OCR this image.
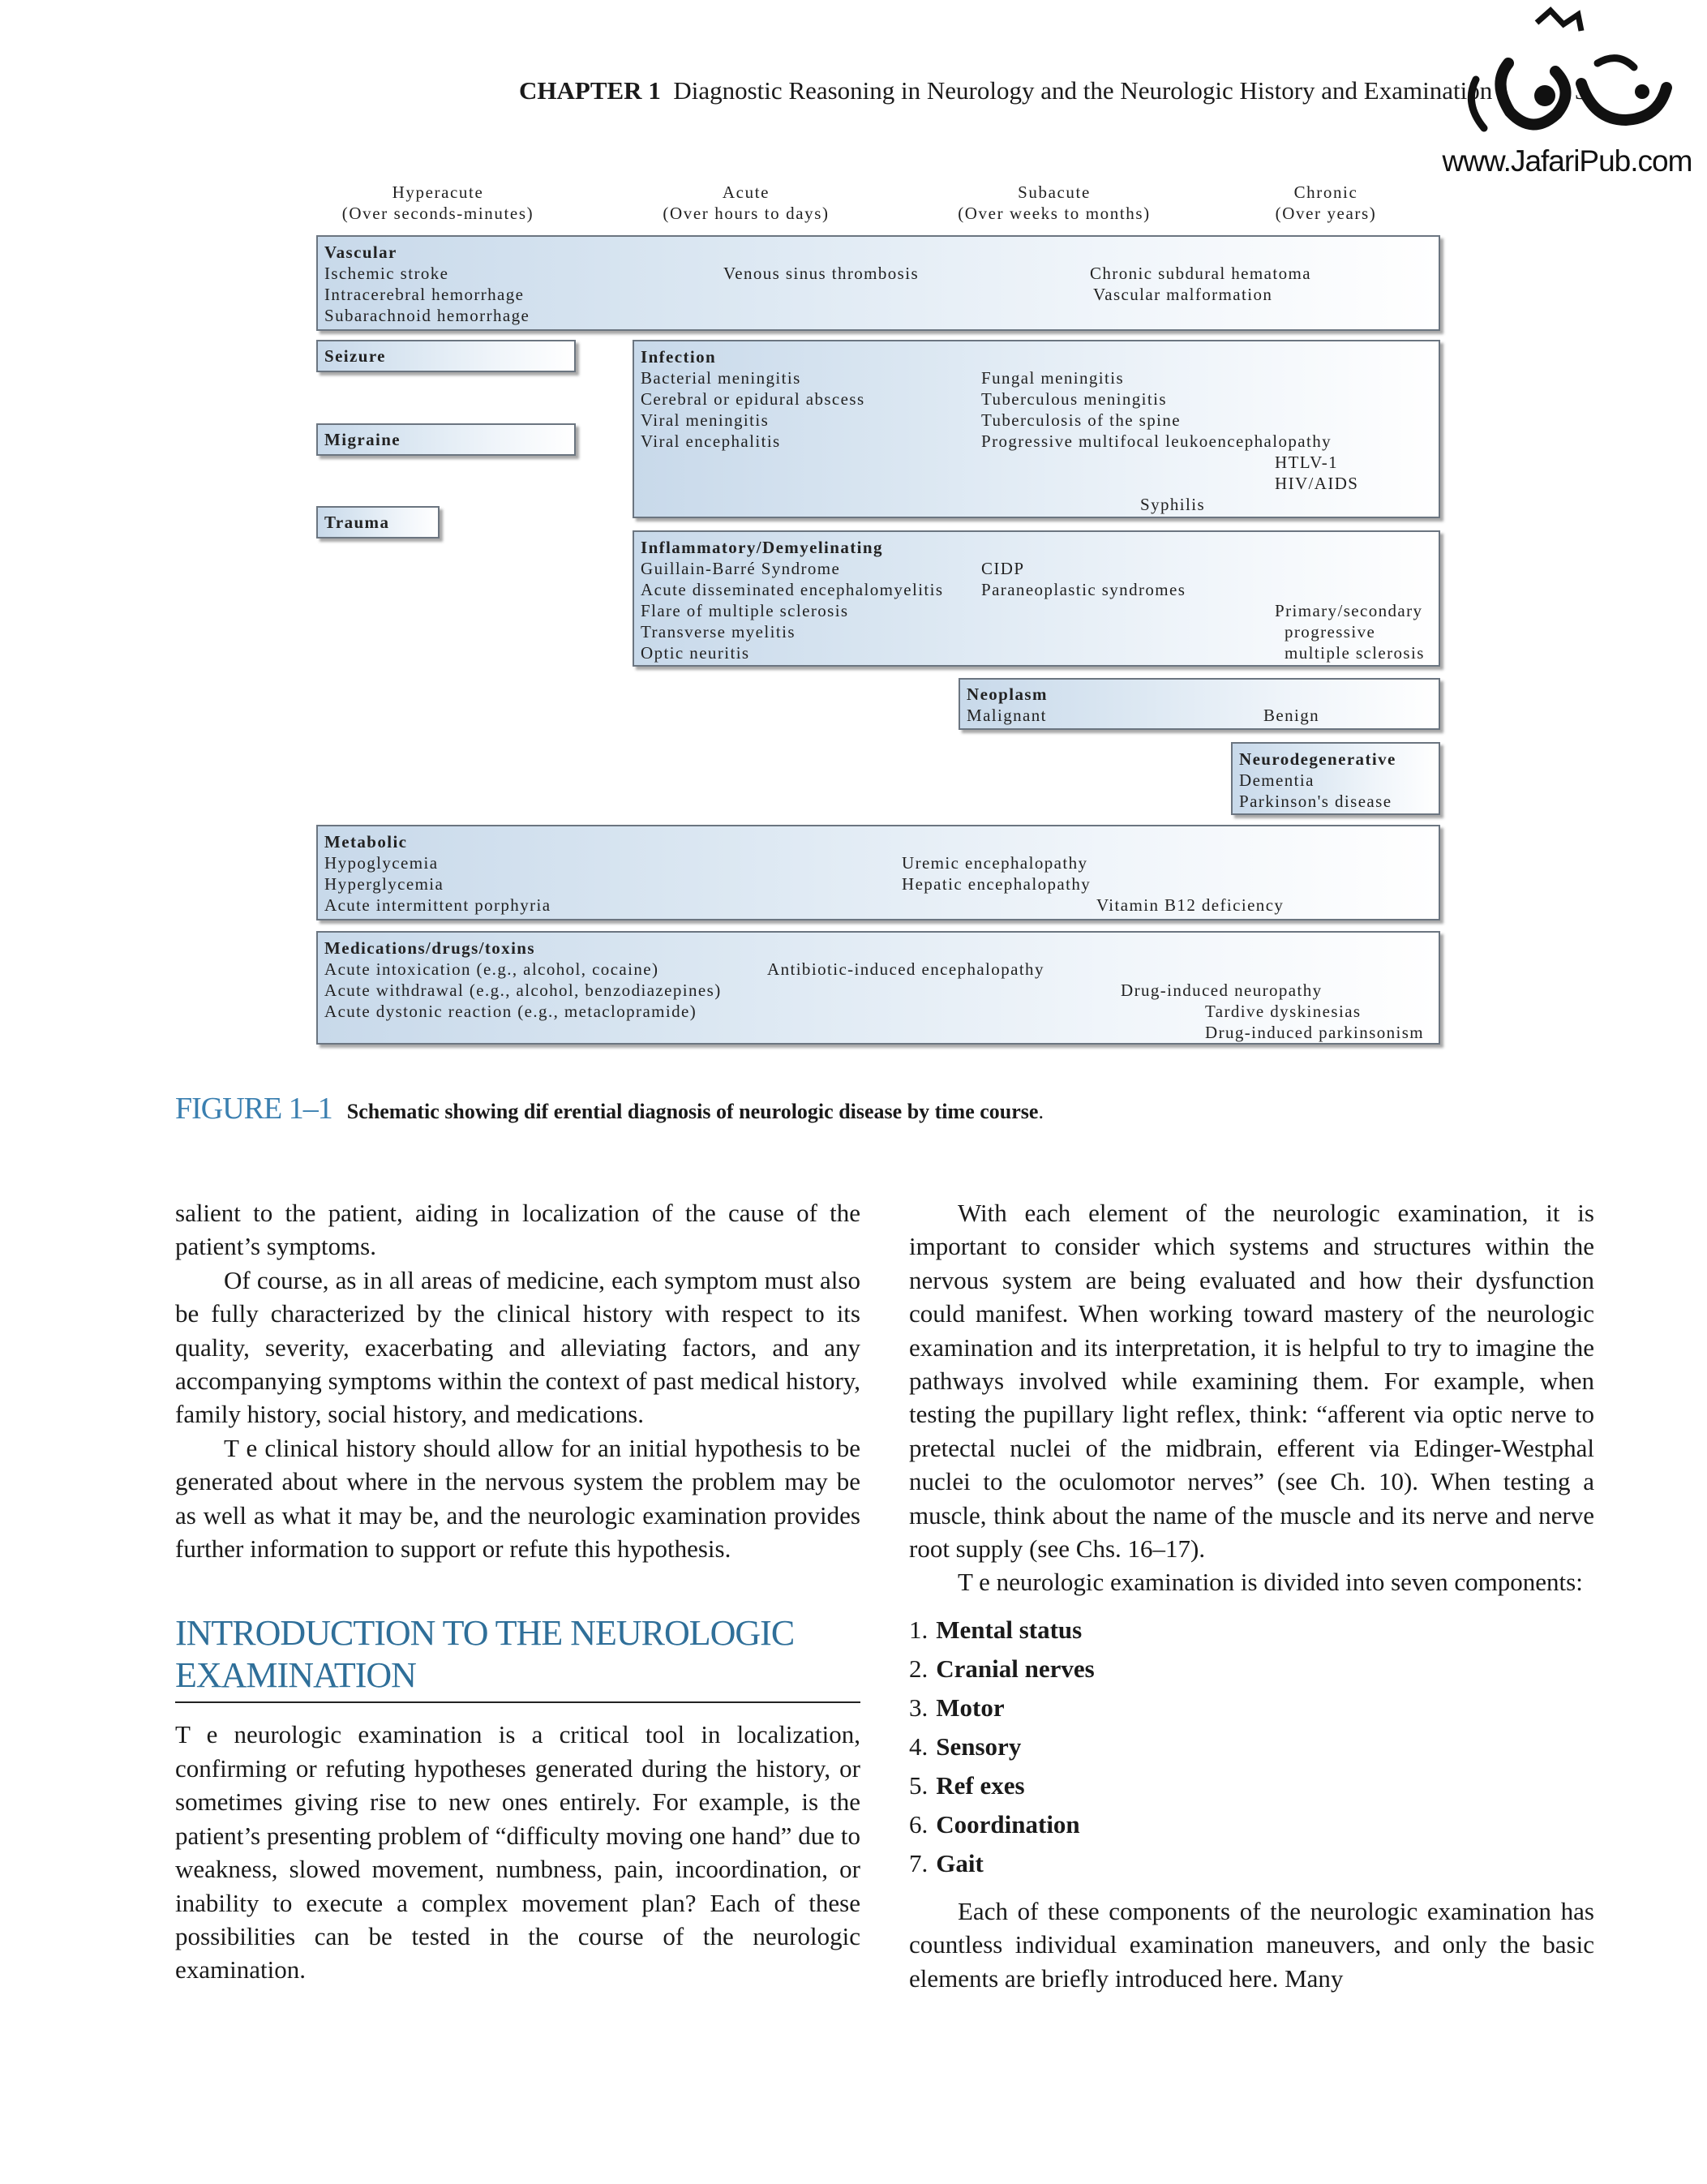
CHAPTER 1 Diagnostic Reasoning in Neurology and the Neurologic History and Examination	3
www.JafariPub.com
Hyperacute
(Over seconds-minutes)
Acute
(Over hours to days)
Subacute
(Over weeks to months)
Chronic
(Over years)
Vascular
Ischemic stroke
Intracerebral hemorrhage
Subarachnoid hemorrhage
Venous sinus thrombosis	Chronic subdural hematoma
Vascular malformation
Seizure
Migraine
Trauma
Infection
Bacterial meningitis
Cerebral or epidural abscess
Viral meningitis
Viral encephalitis
Fungal meningitis
Tuberculous meningitis
Tuberculosis of the spine
Progressive multifocal leukoencephalopathy
HTLV-1
HIV/AIDS
Syphilis
Inflammatory/Demyelinating
Guillain-Barré Syndrome
Acute disseminated encephalomyelitis
Flare of multiple sclerosis
Transverse myelitis
Optic neuritis
CIDP
Paraneoplastic syndromes
Primary/secondary
progressive
multiple sclerosis
Neoplasm
Malignant	Benign
Neurodegenerative
Dementia
Parkinson's disease
Metabolic
Hypoglycemia
Hyperglycemia
Acute intermittent porphyria
Uremic encephalopathy
Hepatic encephalopathy
Vitamin B12 deficiency
Medications/drugs/toxins
Acute intoxication (e.g., alcohol, cocaine)
Acute withdrawal (e.g., alcohol, benzodiazepines)
Acute dystonic reaction (e.g., metaclopramide)
Antibiotic-induced encephalopathy
Drug-induced neuropathy
Tardive dyskinesias
Drug-induced parkinsonism
FIGURE 1–1 Schematic showing dif erential diagnosis of neurologic disease by time course.

salient to the patient, aiding in localization of the cause of the patient’s symptoms.

Of course, as in all areas of medicine, each symptom must also be fully characterized by the clinical history with respect to its quality, severity, exacerbating and alleviating factors, and any accompanying symptoms within the context of past medical history, family history, social history, and medications.

T e clinical history should allow for an initial hypothesis to be generated about where in the nervous system the problem may be as well as what it may be, and the neurologic examination provides further information to support or refute this hypothesis.

INTRODUCTION TO THE NEUROLOGIC EXAMINATION

T e neurologic examination is a critical tool in localization, confirming or refuting hypotheses generated during the history, or sometimes giving rise to new ones entirely. For example, is the patient’s presenting problem of “difficulty moving one hand” due to weakness, slowed movement, numbness, pain, incoordination, or inability to execute a complex movement plan? Each of these possibilities can be tested in the course of the neurologic examination.

With each element of the neurologic examination, it is important to consider which systems and structures within the nervous system are being evaluated and how their dysfunction could manifest. When working toward mastery of the neurologic examination and its interpretation, it is helpful to try to imagine the pathways involved while examining them. For example, when testing the pupillary light reflex, think: “afferent via optic nerve to pretectal nuclei of the midbrain, efferent via Edinger-Westphal nuclei to the oculomotor nerves” (see Ch. 10). When testing a muscle, think about the name of the muscle and its nerve and nerve root supply (see Chs. 16–17).

T e neurologic examination is divided into seven components:

1. Mental status
2. Cranial nerves
3. Motor
4. Sensory
5. Ref exes
6. Coordination
7. Gait

Each of these components of the neurologic examination has countless individual examination maneuvers, and only the basic elements are briefly introduced here. Many
